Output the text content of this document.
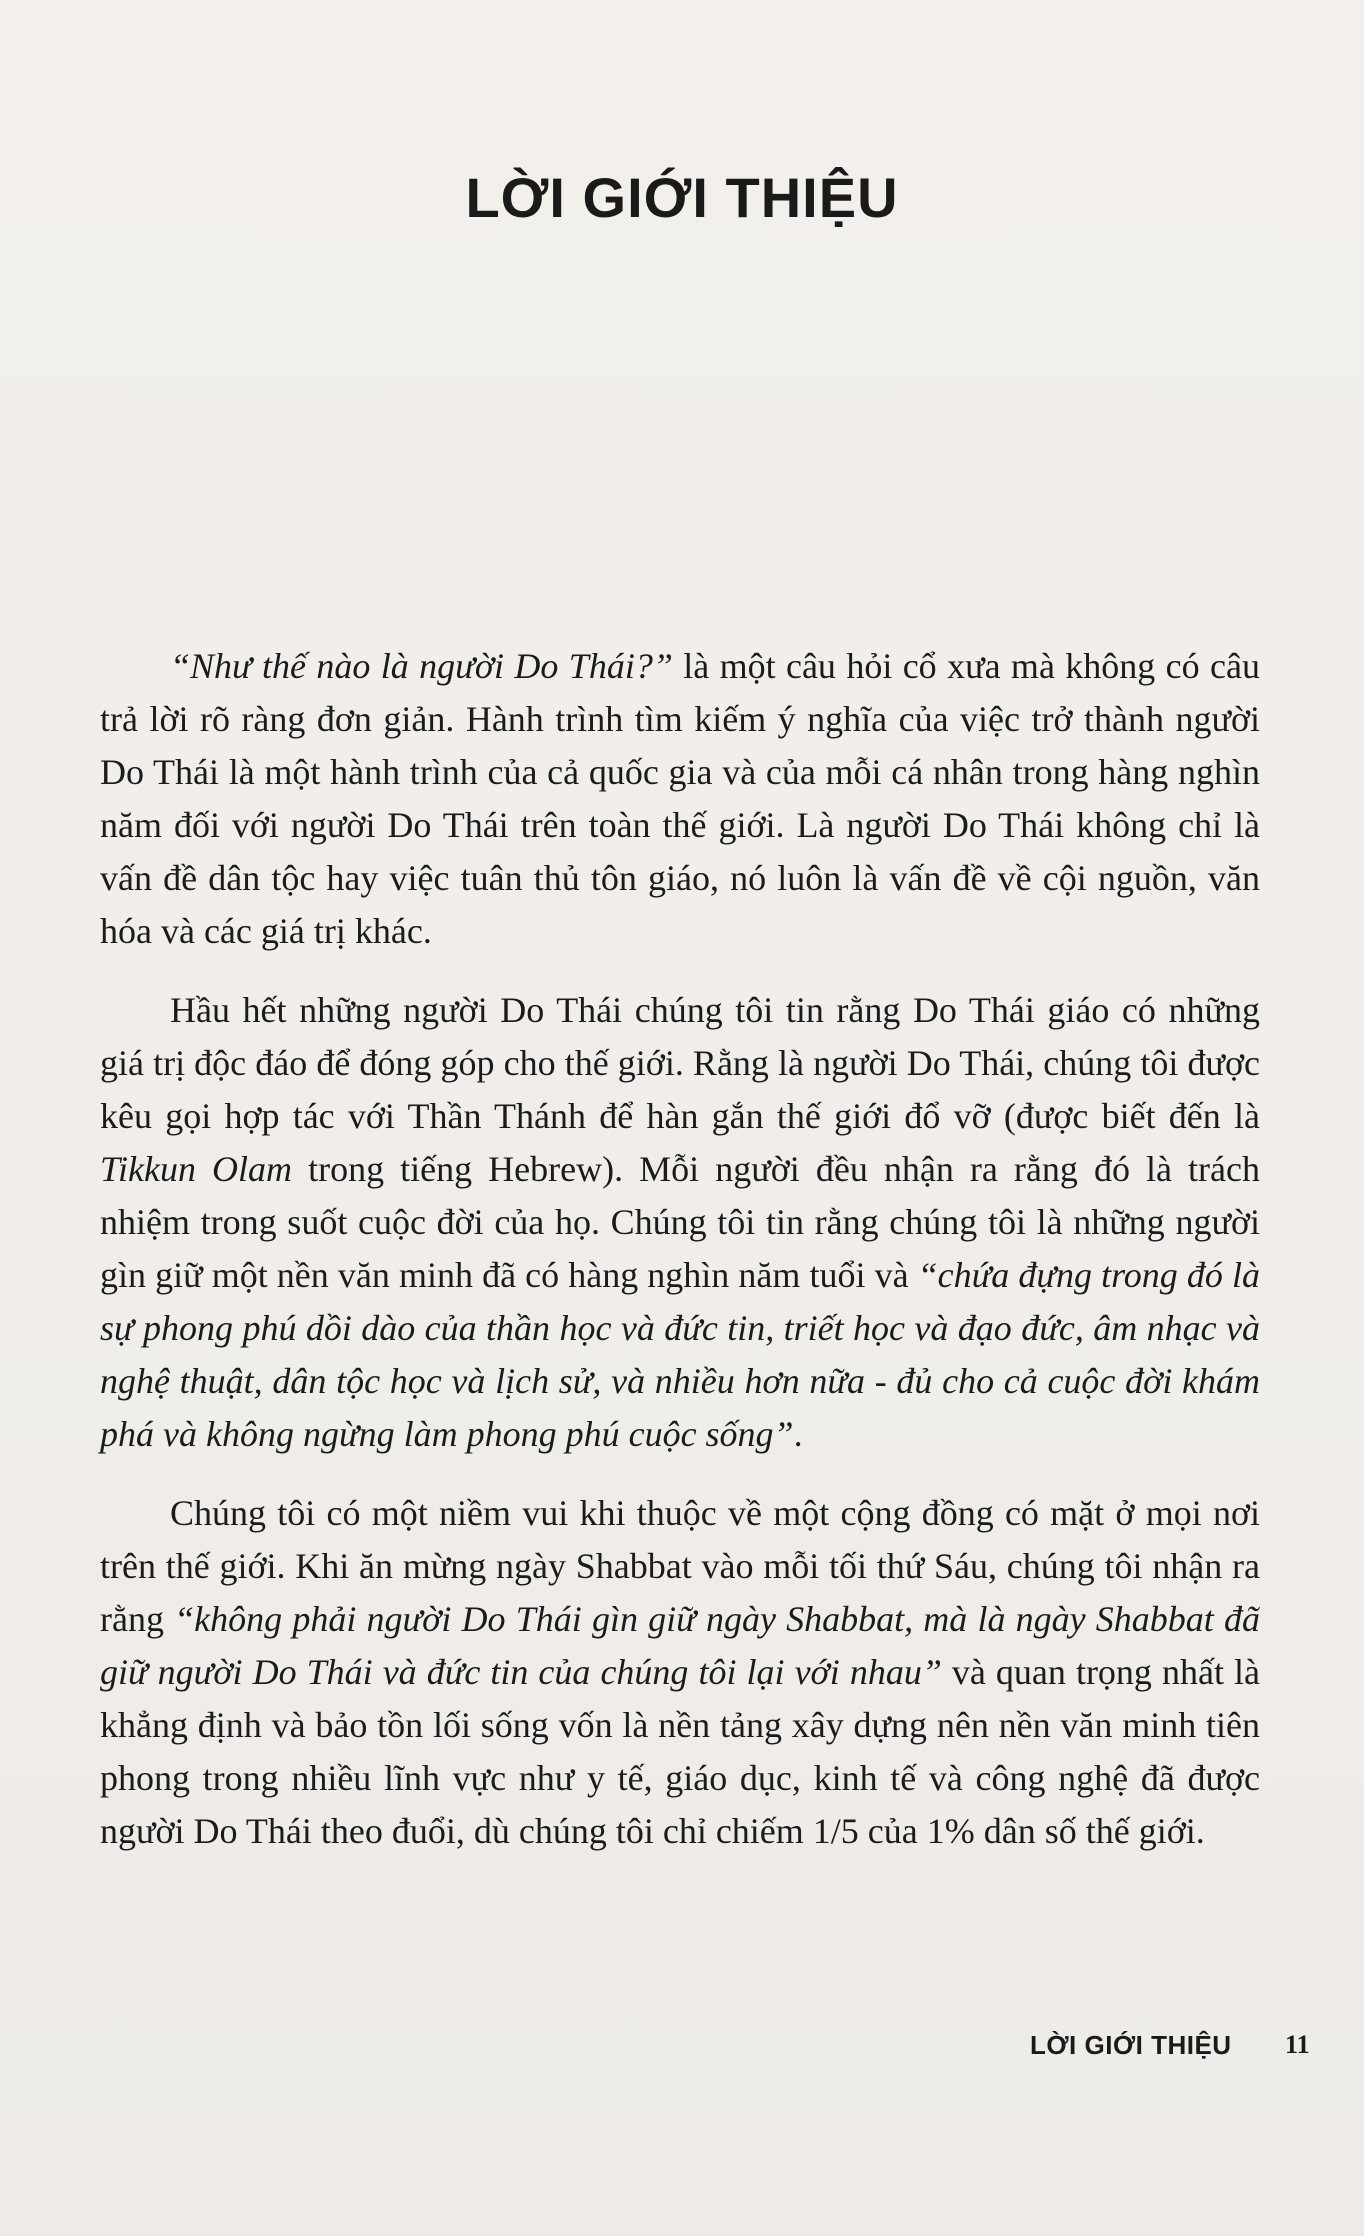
LỜI GIỚI THIỆU

“Như thế nào là người Do Thái?” là một câu hỏi cổ xưa mà không có câu trả lời rõ ràng đơn giản. Hành trình tìm kiếm ý nghĩa của việc trở thành người Do Thái là một hành trình của cả quốc gia và của mỗi cá nhân trong hàng nghìn năm đối với người Do Thái trên toàn thế giới. Là người Do Thái không chỉ là vấn đề dân tộc hay việc tuân thủ tôn giáo, nó luôn là vấn đề về cội nguồn, văn hóa và các giá trị khác.

Hầu hết những người Do Thái chúng tôi tin rằng Do Thái giáo có những giá trị độc đáo để đóng góp cho thế giới. Rằng là người Do Thái, chúng tôi được kêu gọi hợp tác với Thần Thánh để hàn gắn thế giới đổ vỡ (được biết đến là Tikkun Olam trong tiếng Hebrew). Mỗi người đều nhận ra rằng đó là trách nhiệm trong suốt cuộc đời của họ. Chúng tôi tin rằng chúng tôi là những người gìn giữ một nền văn minh đã có hàng nghìn năm tuổi và “chứa đựng trong đó là sự phong phú dồi dào của thần học và đức tin, triết học và đạo đức, âm nhạc và nghệ thuật, dân tộc học và lịch sử, và nhiều hơn nữa - đủ cho cả cuộc đời khám phá và không ngừng làm phong phú cuộc sống”.

Chúng tôi có một niềm vui khi thuộc về một cộng đồng có mặt ở mọi nơi trên thế giới. Khi ăn mừng ngày Shabbat vào mỗi tối thứ Sáu, chúng tôi nhận ra rằng “không phải người Do Thái gìn giữ ngày Shabbat, mà là ngày Shabbat đã giữ người Do Thái và đức tin của chúng tôi lại với nhau” và quan trọng nhất là khẳng định và bảo tồn lối sống vốn là nền tảng xây dựng nên nền văn minh tiên phong trong nhiều lĩnh vực như y tế, giáo dục, kinh tế và công nghệ đã được người Do Thái theo đuổi, dù chúng tôi chỉ chiếm 1/5 của 1% dân số thế giới.

LỜI GIỚI THIỆU 11
